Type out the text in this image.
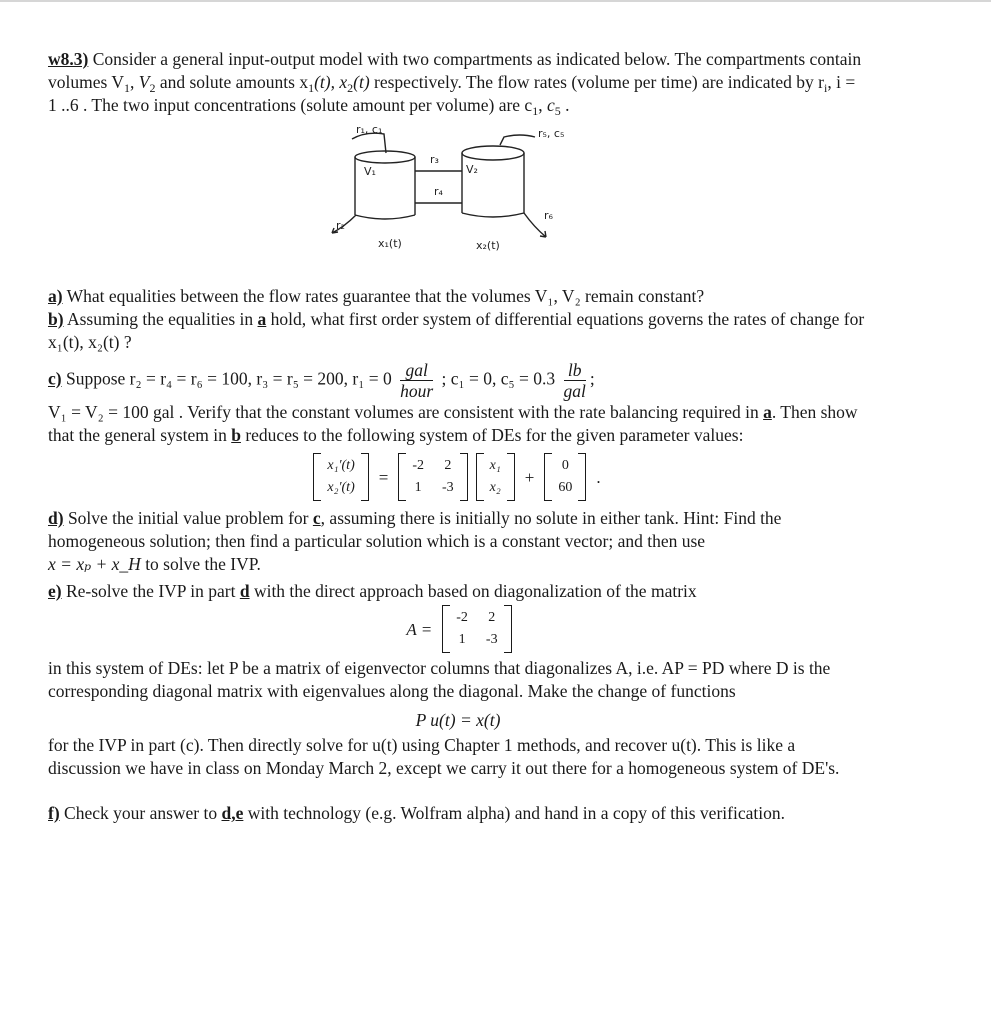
w8.3) Consider a general input-output model with two compartments as indicated below. The compartments contain volumes $V_1$, $V_2$ and solute amounts $x_1(t)$, $x_2(t)$ respectively. The flow rates (volume per time) are indicated by $r_i$, i = 1 ..6 . The two input concentrations (solute amount per volume) are $c_1$, $c_5$ .

r₁, c₁	r₅, c₅
V₁	V₂
r₃
r₄
r₂
r₆
x₁(t)	x₂(t)

a) What equalities between the flow rates guarantee that the volumes V₁, V₂ remain constant?

b) Assuming the equalities in a hold, what first order system of differential equations governs the rates of change for x₁(t), x₂(t) ?

c) Suppose r₂ = r₄ = r₆ = 100, r₃ = r₅ = 200, $r_1 = 0 \frac{\text{gal}}{\text{hour}}$ ; c₁ = 0, $c_5 = 0.3 \frac{lb}{\text{gal}}$ ;
V₁ = V₂ = 100 gal . Verify that the constant volumes are consistent with the rate balancing required in a. Then show that the general system in b reduces to the following system of DEs for the given parameter values:

x₁′(t)
x₂′(t)
=
-2 2
1 -3
x₁
x₂
+
0
60
.

d) Solve the initial value problem for c, assuming there is initially no solute in either tank. Hint: Find the homogeneous solution; then find a particular solution which is a constant vector; and then use
x = xₚ + x_H to solve the IVP.

e) Re-solve the IVP in part d with the direct approach based on diagonalization of the matrix

A =
-2 2
1 -3

in this system of DEs: let P be a matrix of eigenvector columns that diagonalizes A, i.e. AP = PD where D is the corresponding diagonal matrix with eigenvalues along the diagonal. Make the change of functions

P u(t) = x(t)

for the IVP in part (c). Then directly solve for u(t) using Chapter 1 methods, and recover u(t). This is like a discussion we have in class on Monday March 2, except we carry it out there for a homogeneous system of DE's.

f) Check your answer to d,e with technology (e.g. Wolfram alpha) and hand in a copy of this verification.
